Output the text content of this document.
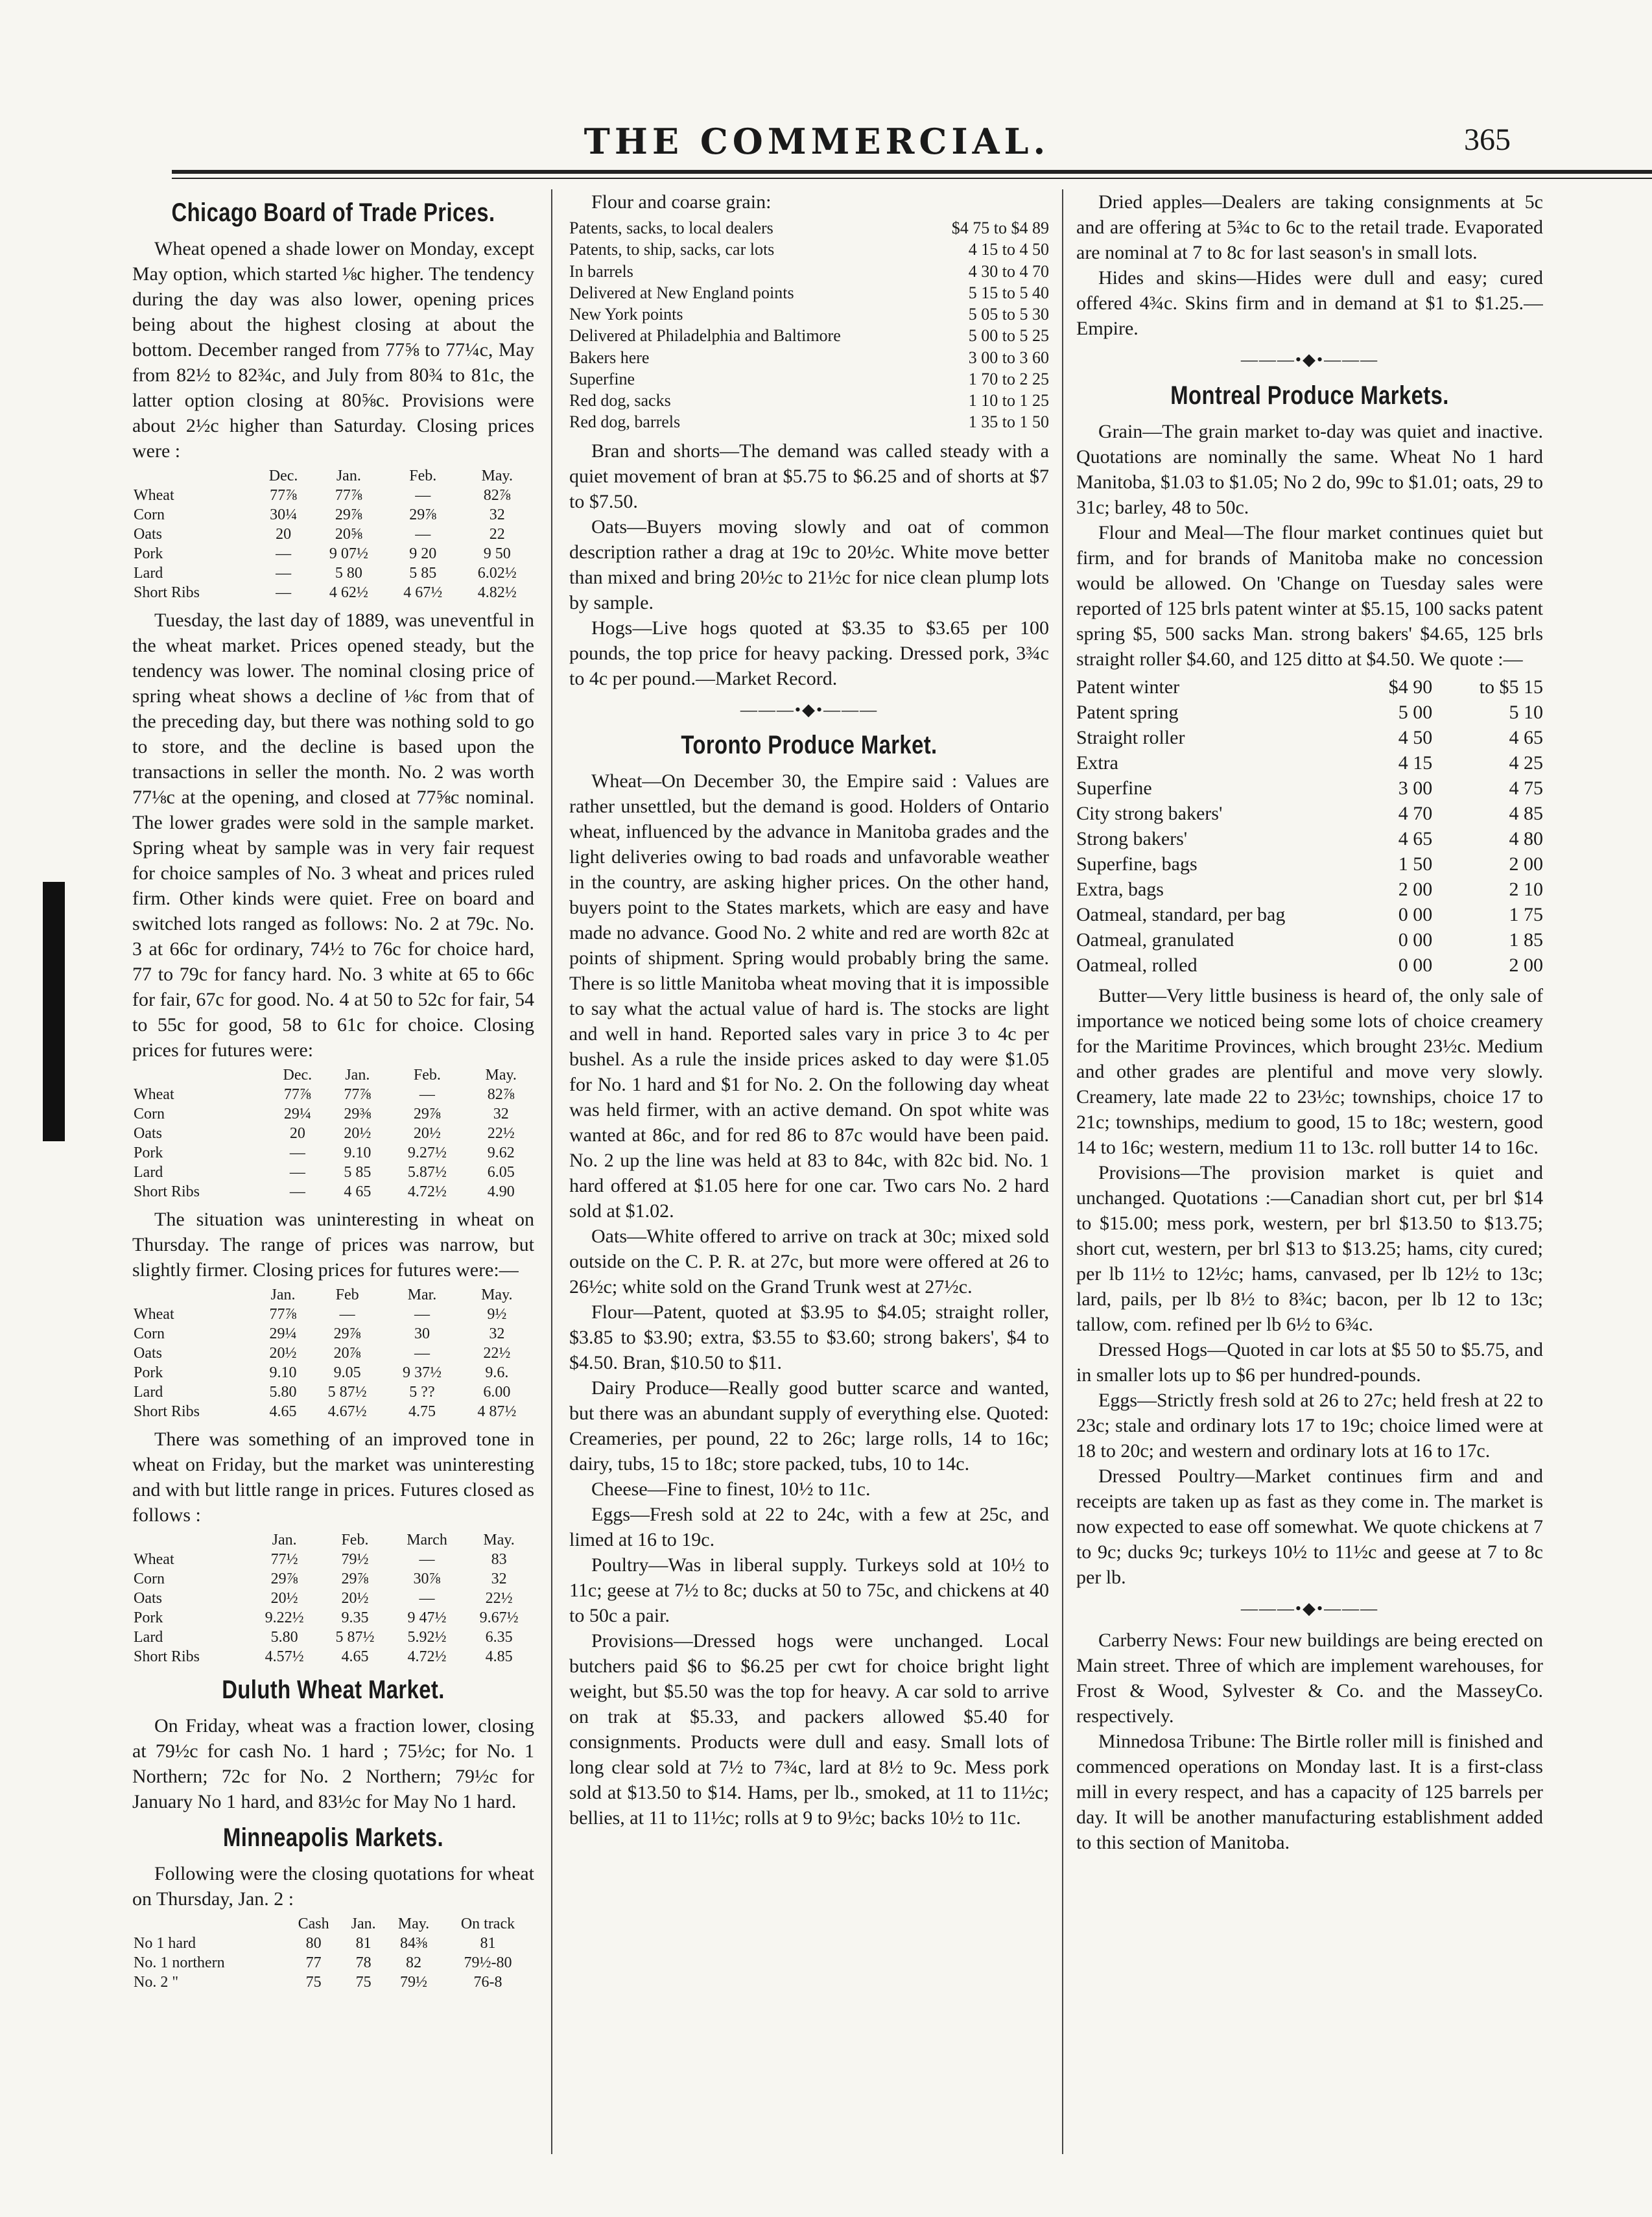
THE COMMERCIAL.	365
Chicago Board of Trade Prices.

Wheat opened a shade lower on Monday, except May option, which started ⅛c higher. The tendency during the day was also lower, opening prices being about the highest closing at about the bottom. December ranged from 77⅝ to 77¼c, May from 82½ to 82¾c, and July from 80¾ to 81c, the latter option closing at 80⅝c. Provisions were about 2½c higher than Saturday. Closing prices were :

	Dec.	Jan.	Feb.	May.
Wheat	77⅞	77⅞	—	82⅞
Corn	30¼	29⅞	29⅞	32
Oats	20	20⅝	—	22
Pork	—	9 07½	9 20	9 50
Lard	—	5 80	5 85	6.02½
Short Ribs	—	4 62½	4 67½	4.82½

Tuesday, the last day of 1889, was uneventful in the wheat market. Prices opened steady, but the tendency was lower. The nominal closing price of spring wheat shows a decline of ⅛c from that of the preceding day, but there was nothing sold to go to store, and the decline is based upon the transactions in seller the month. No. 2 was worth 77⅛c at the opening, and closed at 77⅝c nominal. The lower grades were sold in the sample market. Spring wheat by sample was in very fair request for choice samples of No. 3 wheat and prices ruled firm. Other kinds were quiet. Free on board and switched lots ranged as follows: No. 2 at 79c. No. 3 at 66c for ordinary, 74½ to 76c for choice hard, 77 to 79c for fancy hard. No. 3 white at 65 to 66c for fair, 67c for good. No. 4 at 50 to 52c for fair, 54 to 55c for good, 58 to 61c for choice. Closing prices for futures were:

	Dec.	Jan.	Feb.	May.
Wheat	77⅞	77⅞	—	82⅞
Corn	29¼	29⅜	29⅞	32
Oats	20	20½	20½	22½
Pork	—	9.10	9.27½	9.62
Lard	—	5 85	5.87½	6.05
Short Ribs	—	4 65	4.72½	4.90

The situation was uninteresting in wheat on Thursday. The range of prices was narrow, but slightly firmer. Closing prices for futures were:—

	Jan.	Feb	Mar.	May.
Wheat	77⅞	—	—	9½
Corn	29¼	29⅞	30	32
Oats	20½	20⅞	—	22½
Pork	9.10	9.05	9 37½	9.6.
Lard	5.80	5 87½	5 ??	6.00
Short Ribs	4.65	4.67½	4.75	4 87½

There was something of an improved tone in wheat on Friday, but the market was uninteresting and with but little range in prices. Futures closed as follows :

	Jan.	Feb.	March	May.
Wheat	77½	79½	—	83
Corn	29⅞	29⅞	30⅞	32
Oats	20½	20½	—	22½
Pork	9.22½	9.35	9 47½	9.67½
Lard	5.80	5 87½	5.92½	6.35
Short Ribs	4.57½	4.65	4.72½	4.85
Duluth Wheat Market.

On Friday, wheat was a fraction lower, closing at 79½c for cash No. 1 hard ; 75½c; for No. 1 Northern; 72c for No. 2 Northern; 79½c for January No 1 hard, and 83½c for May No 1 hard.

Minneapolis Markets.

Following were the closing quotations for wheat on Thursday, Jan. 2 :

	Cash	Jan.	May.	On track
No 1 hard	80	81	84⅜	81
No. 1 northern	77	78	82	79½-80
No. 2 "	75	75	79½	76-8

Flour and coarse grain:

Patents, sacks, to local dealers	$4 75 to $4 89
Patents, to ship, sacks, car lots	4 15 to 4 50
In barrels	4 30 to 4 70
Delivered at New England points	5 15 to 5 40
New York points	5 05 to 5 30
Delivered at Philadelphia and Baltimore	5 00 to 5 25
Bakers here	3 00 to 3 60
Superfine	1 70 to 2 25
Red dog, sacks	1 10 to 1 25
Red dog, barrels	1 35 to 1 50

Bran and shorts—The demand was called steady with a quiet movement of bran at $5.75 to $6.25 and of shorts at $7 to $7.50.

Oats—Buyers moving slowly and oat of common description rather a drag at 19c to 20½c. White move better than mixed and bring 20½c to 21½c for nice clean plump lots by sample.

Hogs—Live hogs quoted at $3.35 to $3.65 per 100 pounds, the top price for heavy packing. Dressed pork, 3¾c to 4c per pound.—Market Record.

———•◆•———
Toronto Produce Market.

Wheat—On December 30, the Empire said : Values are rather unsettled, but the demand is good. Holders of Ontario wheat, influenced by the advance in Manitoba grades and the light deliveries owing to bad roads and unfavorable weather in the country, are asking higher prices. On the other hand, buyers point to the States markets, which are easy and have made no advance. Good No. 2 white and red are worth 82c at points of shipment. Spring would probably bring the same. There is so little Manitoba wheat moving that it is impossible to say what the actual value of hard is. The stocks are light and well in hand. Reported sales vary in price 3 to 4c per bushel. As a rule the inside prices asked to day were $1.05 for No. 1 hard and $1 for No. 2. On the following day wheat was held firmer, with an active demand. On spot white was wanted at 86c, and for red 86 to 87c would have been paid. No. 2 up the line was held at 83 to 84c, with 82c bid. No. 1 hard offered at $1.05 here for one car. Two cars No. 2 hard sold at $1.02.

Oats—White offered to arrive on track at 30c; mixed sold outside on the C. P. R. at 27c, but more were offered at 26 to 26½c; white sold on the Grand Trunk west at 27½c.

Flour—Patent, quoted at $3.95 to $4.05; straight roller, $3.85 to $3.90; extra, $3.55 to $3.60; strong bakers', $4 to $4.50. Bran, $10.50 to $11.

Dairy Produce—Really good butter scarce and wanted, but there was an abundant supply of everything else. Quoted: Creameries, per pound, 22 to 26c; large rolls, 14 to 16c; dairy, tubs, 15 to 18c; store packed, tubs, 10 to 14c.

Cheese—Fine to finest, 10½ to 11c.

Eggs—Fresh sold at 22 to 24c, with a few at 25c, and limed at 16 to 19c.

Poultry—Was in liberal supply. Turkeys sold at 10½ to 11c; geese at 7½ to 8c; ducks at 50 to 75c, and chickens at 40 to 50c a pair.

Provisions—Dressed hogs were unchanged. Local butchers paid $6 to $6.25 per cwt for choice bright light weight, but $5.50 was the top for heavy. A car sold to arrive on trak at $5.33, and packers allowed $5.40 for consignments. Products were dull and easy. Small lots of long clear sold at 7½ to 7¾c, lard at 8½ to 9c. Mess pork sold at $13.50 to $14. Hams, per lb., smoked, at 11 to 11½c; bellies, at 11 to 11½c; rolls at 9 to 9½c; backs 10½ to 11c.

Dried apples—Dealers are taking consignments at 5c and are offering at 5¾c to 6c to the retail trade. Evaporated are nominal at 7 to 8c for last season's in small lots.

Hides and skins—Hides were dull and easy; cured offered 4¾c. Skins firm and in demand at $1 to $1.25.—Empire.

———•◆•———
Montreal Produce Markets.

Grain—The grain market to-day was quiet and inactive. Quotations are nominally the same. Wheat No 1 hard Manitoba, $1.03 to $1.05; No 2 do, 99c to $1.01; oats, 29 to 31c; barley, 48 to 50c.

Flour and Meal—The flour market continues quiet but firm, and for brands of Manitoba make no concession would be allowed. On 'Change on Tuesday sales were reported of 125 brls patent winter at $5.15, 100 sacks patent spring $5, 500 sacks Man. strong bakers' $4.65, 125 brls straight roller $4.60, and 125 ditto at $4.50. We quote :—

Patent winter	$4 90	to $5 15
Patent spring	5 00	5 10
Straight roller	4 50	4 65
Extra	4 15	4 25
Superfine	3 00	4 75
City strong bakers'	4 70	4 85
Strong bakers'	4 65	4 80
Superfine, bags	1 50	2 00
Extra, bags	2 00	2 10
Oatmeal, standard, per bag	0 00	1 75
Oatmeal, granulated	0 00	1 85
Oatmeal, rolled	0 00	2 00

Butter—Very little business is heard of, the only sale of importance we noticed being some lots of choice creamery for the Maritime Provinces, which brought 23½c. Medium and other grades are plentiful and move very slowly. Creamery, late made 22 to 23½c; townships, choice 17 to 21c; townships, medium to good, 15 to 18c; western, good 14 to 16c; western, medium 11 to 13c. roll butter 14 to 16c.

Provisions—The provision market is quiet and unchanged. Quotations :—Canadian short cut, per brl $14 to $15.00; mess pork, western, per brl $13.50 to $13.75; short cut, western, per brl $13 to $13.25; hams, city cured; per lb 11½ to 12½c; hams, canvased, per lb 12½ to 13c; lard, pails, per lb 8½ to 8¾c; bacon, per lb 12 to 13c; tallow, com. refined per lb 6½ to 6¾c.

Dressed Hogs—Quoted in car lots at $5 50 to $5.75, and in smaller lots up to $6 per hundred-pounds.

Eggs—Strictly fresh sold at 26 to 27c; held fresh at 22 to 23c; stale and ordinary lots 17 to 19c; choice limed were at 18 to 20c; and western and ordinary lots at 16 to 17c.

Dressed Poultry—Market continues firm and and receipts are taken up as fast as they come in. The market is now expected to ease off somewhat. We quote chickens at 7 to 9c; ducks 9c; turkeys 10½ to 11½c and geese at 7 to 8c per lb.

———•◆•———

Carberry News: Four new buildings are being erected on Main street. Three of which are implement warehouses, for Frost & Wood, Sylvester & Co. and the MasseyCo. respectively.

Minnedosa Tribune: The Birtle roller mill is finished and commenced operations on Monday last. It is a first-class mill in every respect, and has a capacity of 125 barrels per day. It will be another manufacturing establishment added to this section of Manitoba.
